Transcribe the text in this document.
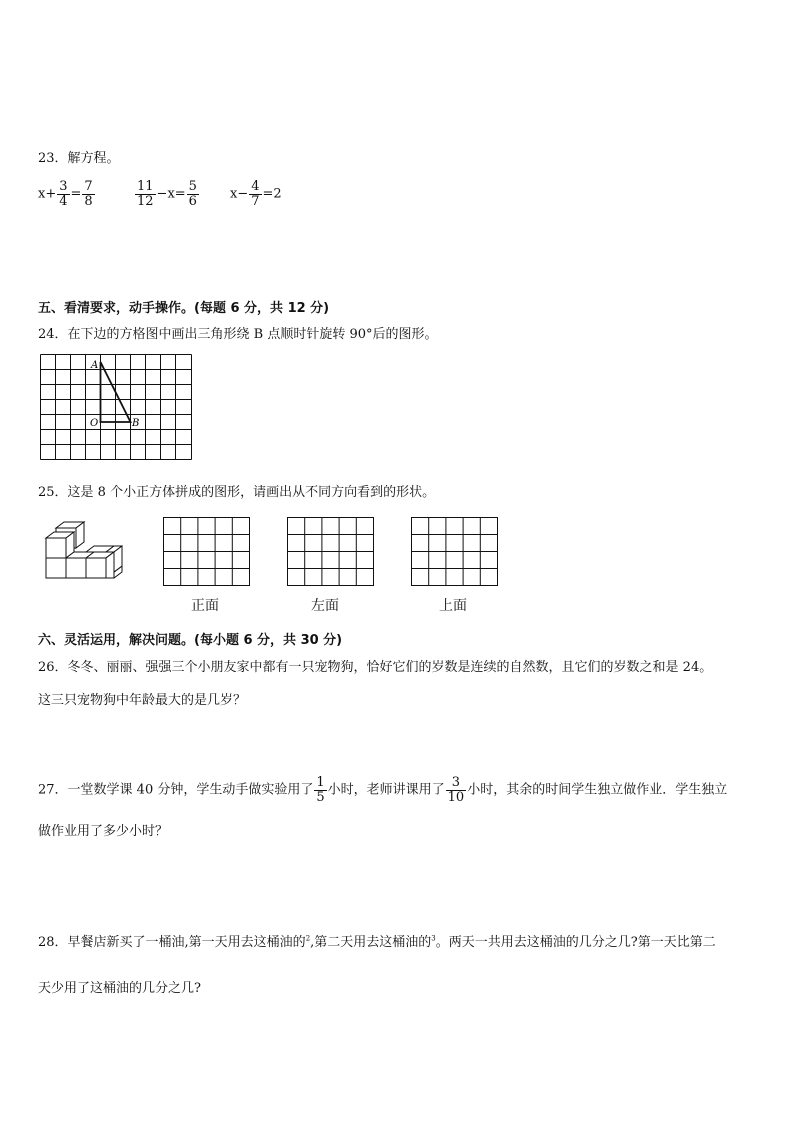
23．解方程。
$x+ \frac{3}{4} = \frac{7}{8}$	$\frac{11}{12} -x= \frac{5}{6} x- \frac{4}{7} =2$
五、看清要求，动手操作。(每题 6 分，共 12 分)
24．在下边的方格图中画出三角形绕 B 点顺时针旋转 90°后的图形。
A
O	B
25．这是 8 个小正方体拼成的图形，请画出从不同方向看到的形状。
正面	左面	上面
六、灵活运用，解决问题。(每小题 6 分，共 30 分)
26．冬冬、丽丽、强强三个小朋友家中都有一只宠物狗，恰好它们的岁数是连续的自然数，且它们的岁数之和是 24。
这三只宠物狗中年龄最大的是几岁？
27．一堂数学课 40 分钟，学生动手做实验用了 $\frac{1}{5}$ 小时，老师讲课用了 $\frac{3}{10}$ 小时，其余的时间学生独立做作业．学生独立
做作业用了多少小时？
28．早餐店新买了一桶油,第一天用去这桶油的$^2$,第二天用去这桶油的$^3$。两天一共用去这桶油的几分之几?第一天比第二
天少用了这桶油的几分之几?
